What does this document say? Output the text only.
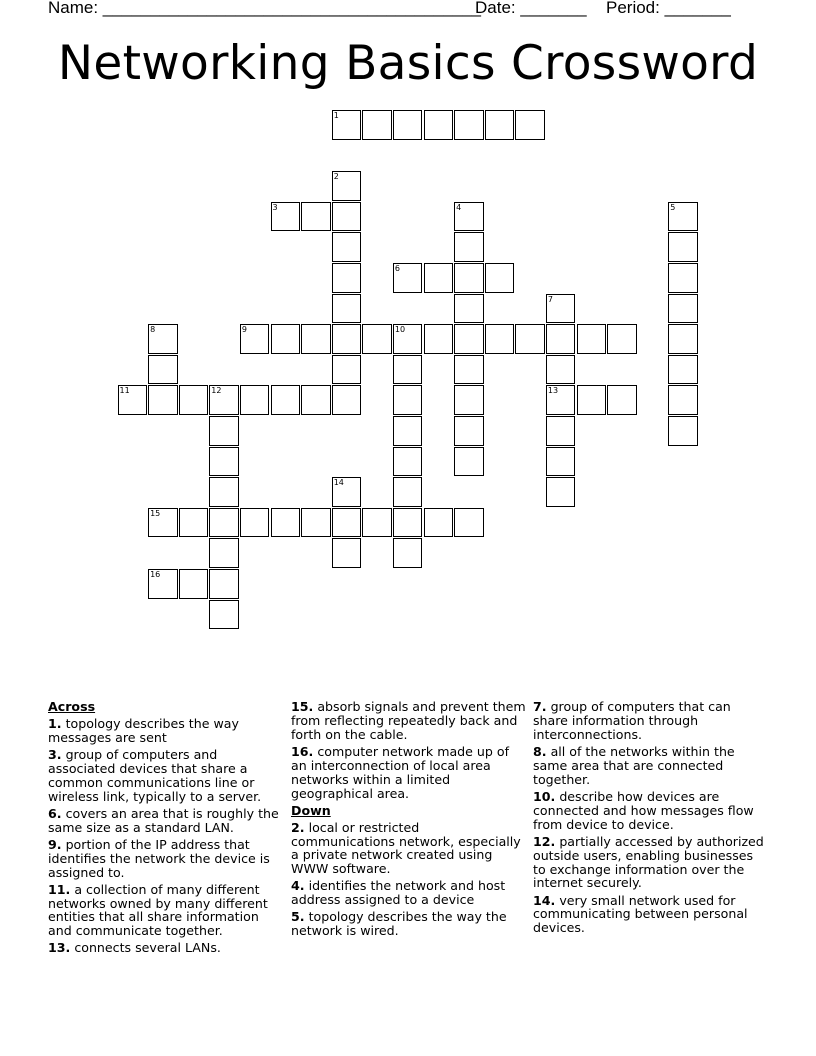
Name: ________________________________________
Date: _______ Period: _______
Networking Basics Crossword
1
2
3	4	5
6
7
13
8	9	10
11	12
14
15
16
Across
1. topology describes the way messages are sent
3. group of computers and associated devices that share a common communications line or wireless link, typically to a server.
6. covers an area that is roughly the same size as a standard LAN.
9. portion of the IP address that identifies the network the device is assigned to.
11. a collection of many different networks owned by many different entities that all share information and communicate together.
13. connects several LANs.
15. absorb signals and prevent them from reflecting repeatedly back and forth on the cable.
16. computer network made up of an interconnection of local area networks within a limited geographical area.
Down
2. local or restricted communications network, especially a private network created using WWW software.
4. identifies the network and host address assigned to a device
5. topology describes the way the network is wired.
7. group of computers that can share information through interconnections.
8. all of the networks within the same area that are connected together.
10. describe how devices are connected and how messages flow from device to device.
12. partially accessed by authorized outside users, enabling businesses to exchange information over the internet securely.
14. very small network used for communicating between personal devices.
